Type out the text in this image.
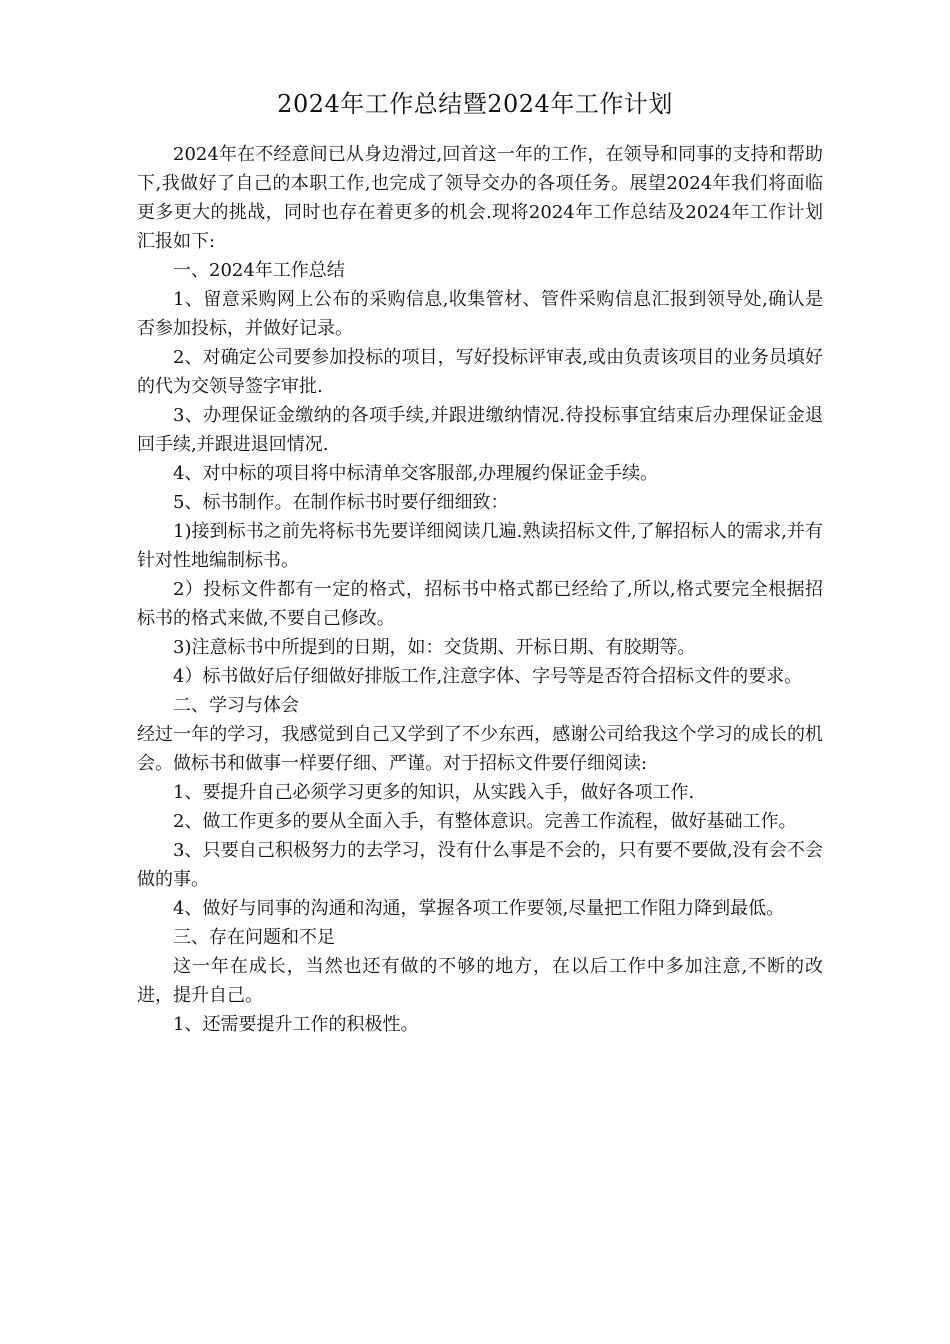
2024年工作总结暨2024年工作计划

2024年在不经意间已从身边滑过,回首这一年的工作，在领导和同事的支持和帮助下,我做好了自己的本职工作,也完成了领导交办的各项任务。展望2024年我们将面临更多更大的挑战，同时也存在着更多的机会.现将2024年工作总结及2024年工作计划汇报如下:

一、2024年工作总结

1、留意采购网上公布的采购信息,收集管材、管件采购信息汇报到领导处,确认是否参加投标，并做好记录。

2、对确定公司要参加投标的项目，写好投标评审表,或由负责该项目的业务员填好的代为交领导签字审批.

3、办理保证金缴纳的各项手续,并跟进缴纳情况.待投标事宜结束后办理保证金退回手续,并跟进退回情况.

4、对中标的项目将中标清单交客服部,办理履约保证金手续。

5、标书制作。在制作标书时要仔细细致：

1)接到标书之前先将标书先要详细阅读几遍.熟读招标文件,了解招标人的需求,并有针对性地编制标书。

2）投标文件都有一定的格式，招标书中格式都已经给了,所以,格式要完全根据招标书的格式来做,不要自己修改。

3)注意标书中所提到的日期，如：交货期、开标日期、有胶期等。

4）标书做好后仔细做好排版工作,注意字体、字号等是否符合招标文件的要求。

二、学习与体会

经过一年的学习，我感觉到自己又学到了不少东西，感谢公司给我这个学习的成长的机会。做标书和做事一样要仔细、严谨。对于招标文件要仔细阅读:

1、要提升自己必须学习更多的知识，从实践入手，做好各项工作.

2、做工作更多的要从全面入手，有整体意识。完善工作流程，做好基础工作。

3、只要自己积极努力的去学习，没有什么事是不会的，只有要不要做,没有会不会做的事。

4、做好与同事的沟通和沟通，掌握各项工作要领,尽量把工作阻力降到最低。

三、存在问题和不足

这一年在成长，当然也还有做的不够的地方，在以后工作中多加注意,不断的改进，提升自己。

1、还需要提升工作的积极性。
